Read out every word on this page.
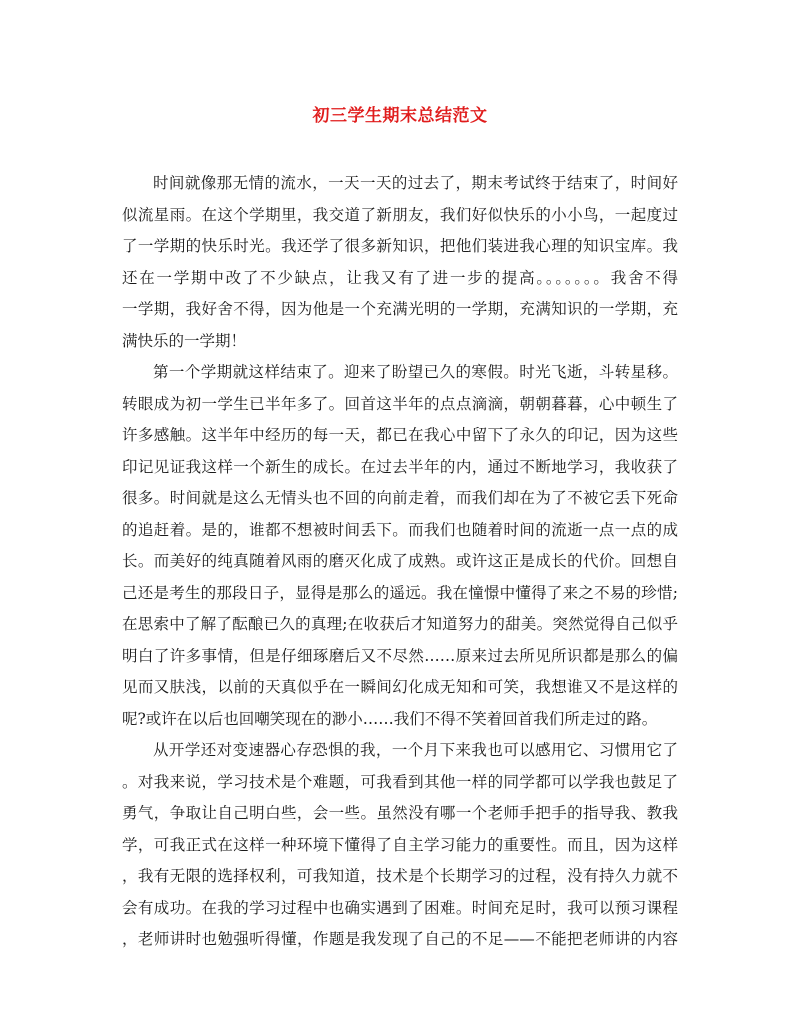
初三学生期末总结范文
时间就像那无情的流水，一天一天的过去了，期末考试终于结束了，时间好
似流星雨。在这个学期里，我交道了新朋友，我们好似快乐的小小鸟，一起度过
了一学期的快乐时光。我还学了很多新知识，把他们装进我心理的知识宝库。我
还在一学期中改了不少缺点，让我又有了进一步的提高。。。。。。。我舍不得
一学期，我好舍不得，因为他是一个充满光明的一学期，充满知识的一学期，充
满快乐的一学期！
第一个学期就这样结束了。迎来了盼望已久的寒假。时光飞逝，斗转星移。
转眼成为初一学生已半年多了。回首这半年的点点滴滴，朝朝暮暮，心中顿生了
许多感触。这半年中经历的每一天，都已在我心中留下了永久的印记，因为这些
印记见证我这样一个新生的成长。在过去半年的内，通过不断地学习，我收获了
很多。时间就是这么无情头也不回的向前走着，而我们却在为了不被它丢下死命
的追赶着。是的，谁都不想被时间丢下。而我们也随着时间的流逝一点一点的成
长。而美好的纯真随着风雨的磨灭化成了成熟。或许这正是成长的代价。回想自
己还是考生的那段日子，显得是那么的遥远。我在憧憬中懂得了来之不易的珍惜;
在思索中了解了酝酿已久的真理;在收获后才知道努力的甜美。突然觉得自己似乎
明白了许多事情，但是仔细琢磨后又不尽然……原来过去所见所识都是那么的偏
见而又肤浅，以前的天真似乎在一瞬间幻化成无知和可笑，我想谁又不是这样的
呢?或许在以后也回嘲笑现在的渺小……我们不得不笑着回首我们所走过的路。
从开学还对变速器心存恐惧的我，一个月下来我也可以感用它、习惯用它了
。对我来说，学习技术是个难题，可我看到其他一样的同学都可以学我也鼓足了
勇气，争取让自己明白些，会一些。虽然没有哪一个老师手把手的指导我、教我
学，可我正式在这样一种环境下懂得了自主学习能力的重要性。而且，因为这样
，我有无限的选择权利，可我知道，技术是个长期学习的过程，没有持久力就不
会有成功。在我的学习过程中也确实遇到了困难。时间充足时，我可以预习课程
，老师讲时也勉强听得懂，作题是我发现了自己的不足——不能把老师讲的内容
